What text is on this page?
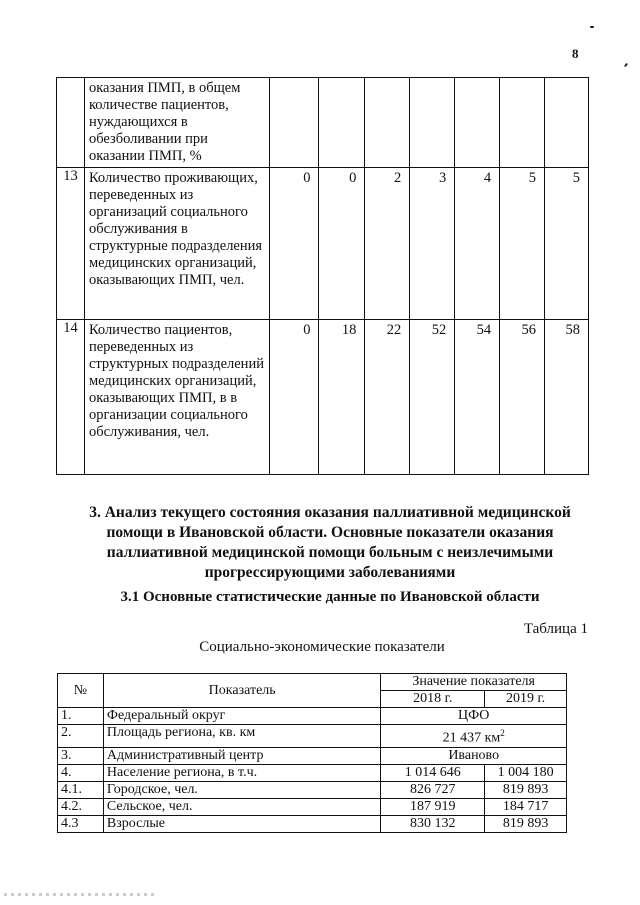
8
	оказания ПМП, в общем количестве пациентов, нуждающихся в обезболивании при оказании ПМП, %							
13	Количество проживающих, переведенных из организаций социального обслуживания в структурные подразделения медицинских организаций, оказывающих ПМП, чел.	0	0	2	3	4	5	5
14	Количество пациентов, переведенных из структурных подразделений медицинских организаций, оказывающих ПМП, в в организации социального обслуживания, чел.	0	18	22	52	54	56	58
3. Анализ текущего состояния оказания паллиативной медицинской помощи в Ивановской области. Основные показатели оказания паллиативной медицинской помощи больным с неизлечимыми прогрессирующими заболеваниями
3.1 Основные статистические данные по Ивановской области
Таблица 1
Социально-экономические показатели
№	Показатель	Значение показателя	
		2018 г.	2019 г.
1.	Федеральный округ	ЦФО	
2.	Площадь региона, кв. км	21 437 $км^2$
3.	Административный центр	Иваново	
4.	Население региона, в т.ч.	1 014 646	1 004 180
4.1.	Городское, чел.	826 727	819 893
4.2.	Сельское, чел.	187 919	184 717
4.3	Взрослые	830 132	819 893
